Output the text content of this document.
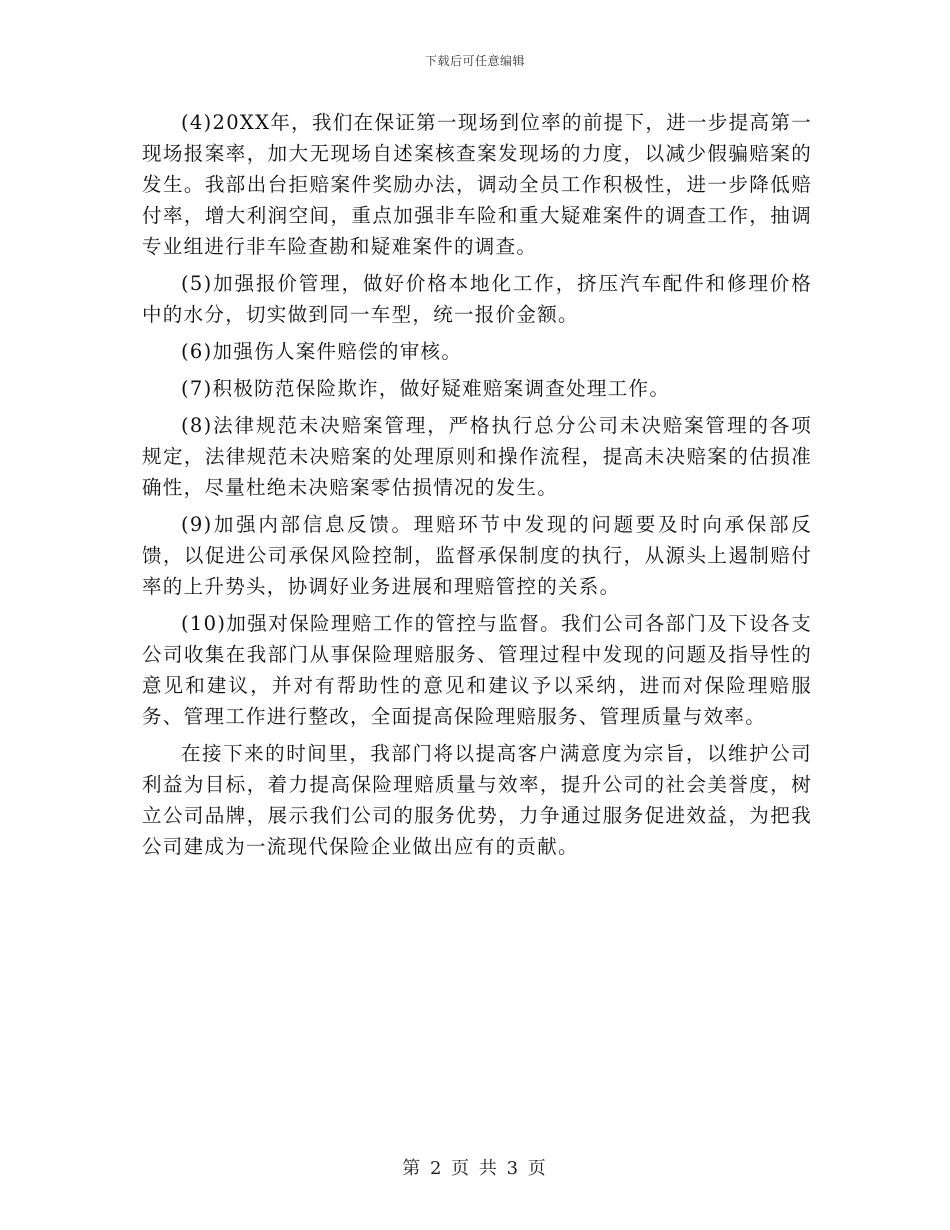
下载后可任意编辑

(4)20XX年，我们在保证第一现场到位率的前提下，进一步提高第一现场报案率，加大无现场自述案核查案发现场的力度，以减少假骗赔案的发生。我部出台拒赔案件奖励办法，调动全员工作积极性，进一步降低赔付率，增大利润空间，重点加强非车险和重大疑难案件的调查工作，抽调专业组进行非车险查勘和疑难案件的调查。

(5)加强报价管理，做好价格本地化工作，挤压汽车配件和修理价格中的水分，切实做到同一车型，统一报价金额。

(6)加强伤人案件赔偿的审核。

(7)积极防范保险欺诈，做好疑难赔案调查处理工作。

(8)法律规范未决赔案管理，严格执行总分公司未决赔案管理的各项规定，法律规范未决赔案的处理原则和操作流程，提高未决赔案的估损准确性，尽量杜绝未决赔案零估损情况的发生。

(9)加强内部信息反馈。理赔环节中发现的问题要及时向承保部反馈，以促进公司承保风险控制，监督承保制度的执行，从源头上遏制赔付率的上升势头，协调好业务进展和理赔管控的关系。

(10)加强对保险理赔工作的管控与监督。我们公司各部门及下设各支公司收集在我部门从事保险理赔服务、管理过程中发现的问题及指导性的意见和建议，并对有帮助性的意见和建议予以采纳，进而对保险理赔服务、管理工作进行整改，全面提高保险理赔服务、管理质量与效率。

在接下来的时间里，我部门将以提高客户满意度为宗旨，以维护公司利益为目标，着力提高保险理赔质量与效率，提升公司的社会美誉度，树立公司品牌，展示我们公司的服务优势，力争通过服务促进效益，为把我公司建成为一流现代保险企业做出应有的贡献。

第 2 页 共 3 页
